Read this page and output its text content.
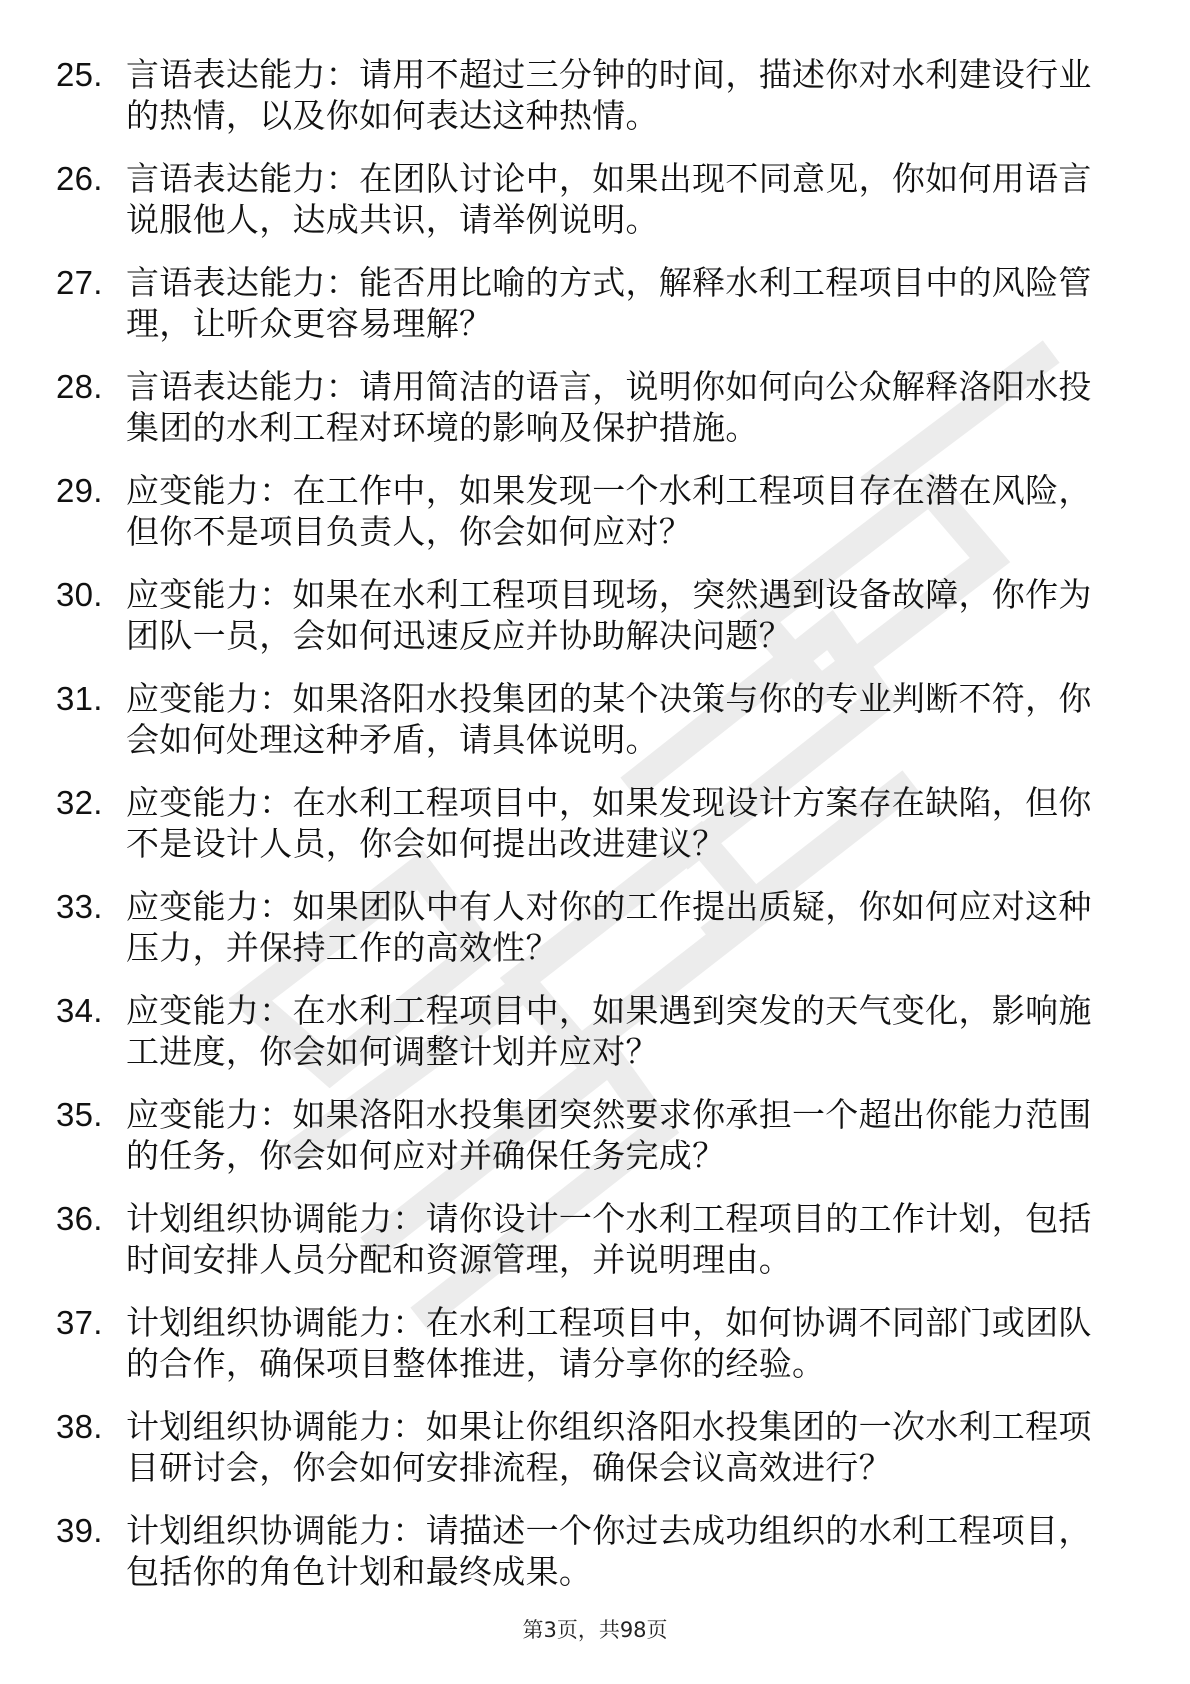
25. 言语表达能力：请用不超过三分钟的时间，描述你对水利建设行业的热情，以及你如何表达这种热情。
26. 言语表达能力：在团队讨论中，如果出现不同意见，你如何用语言说服他人，达成共识，请举例说明。
27. 言语表达能力：能否用比喻的方式，解释水利工程项目中的风险管理，让听众更容易理解？
28. 言语表达能力：请用简洁的语言，说明你如何向公众解释洛阳水投集团的水利工程对环境的影响及保护措施。
29. 应变能力：在工作中，如果发现一个水利工程项目存在潜在风险，但你不是项目负责人，你会如何应对？
30. 应变能力：如果在水利工程项目现场，突然遇到设备故障，你作为团队一员，会如何迅速反应并协助解决问题？
31. 应变能力：如果洛阳水投集团的某个决策与你的专业判断不符，你会如何处理这种矛盾，请具体说明。
32. 应变能力：在水利工程项目中，如果发现设计方案存在缺陷，但你不是设计人员，你会如何提出改进建议？
33. 应变能力：如果团队中有人对你的工作提出质疑，你如何应对这种压力，并保持工作的高效性？
34. 应变能力：在水利工程项目中，如果遇到突发的天气变化，影响施工进度，你会如何调整计划并应对？
35. 应变能力：如果洛阳水投集团突然要求你承担一个超出你能力范围的任务，你会如何应对并确保任务完成？
36. 计划组织协调能力：请你设计一个水利工程项目的工作计划，包括时间安排人员分配和资源管理，并说明理由。
37. 计划组织协调能力：在水利工程项目中，如何协调不同部门或团队的合作，确保项目整体推进，请分享你的经验。
38. 计划组织协调能力：如果让你组织洛阳水投集团的一次水利工程项目研讨会，你会如何安排流程，确保会议高效进行？
39. 计划组织协调能力：请描述一个你过去成功组织的水利工程项目，包括你的角色计划和最终成果。
第3页，共98页
